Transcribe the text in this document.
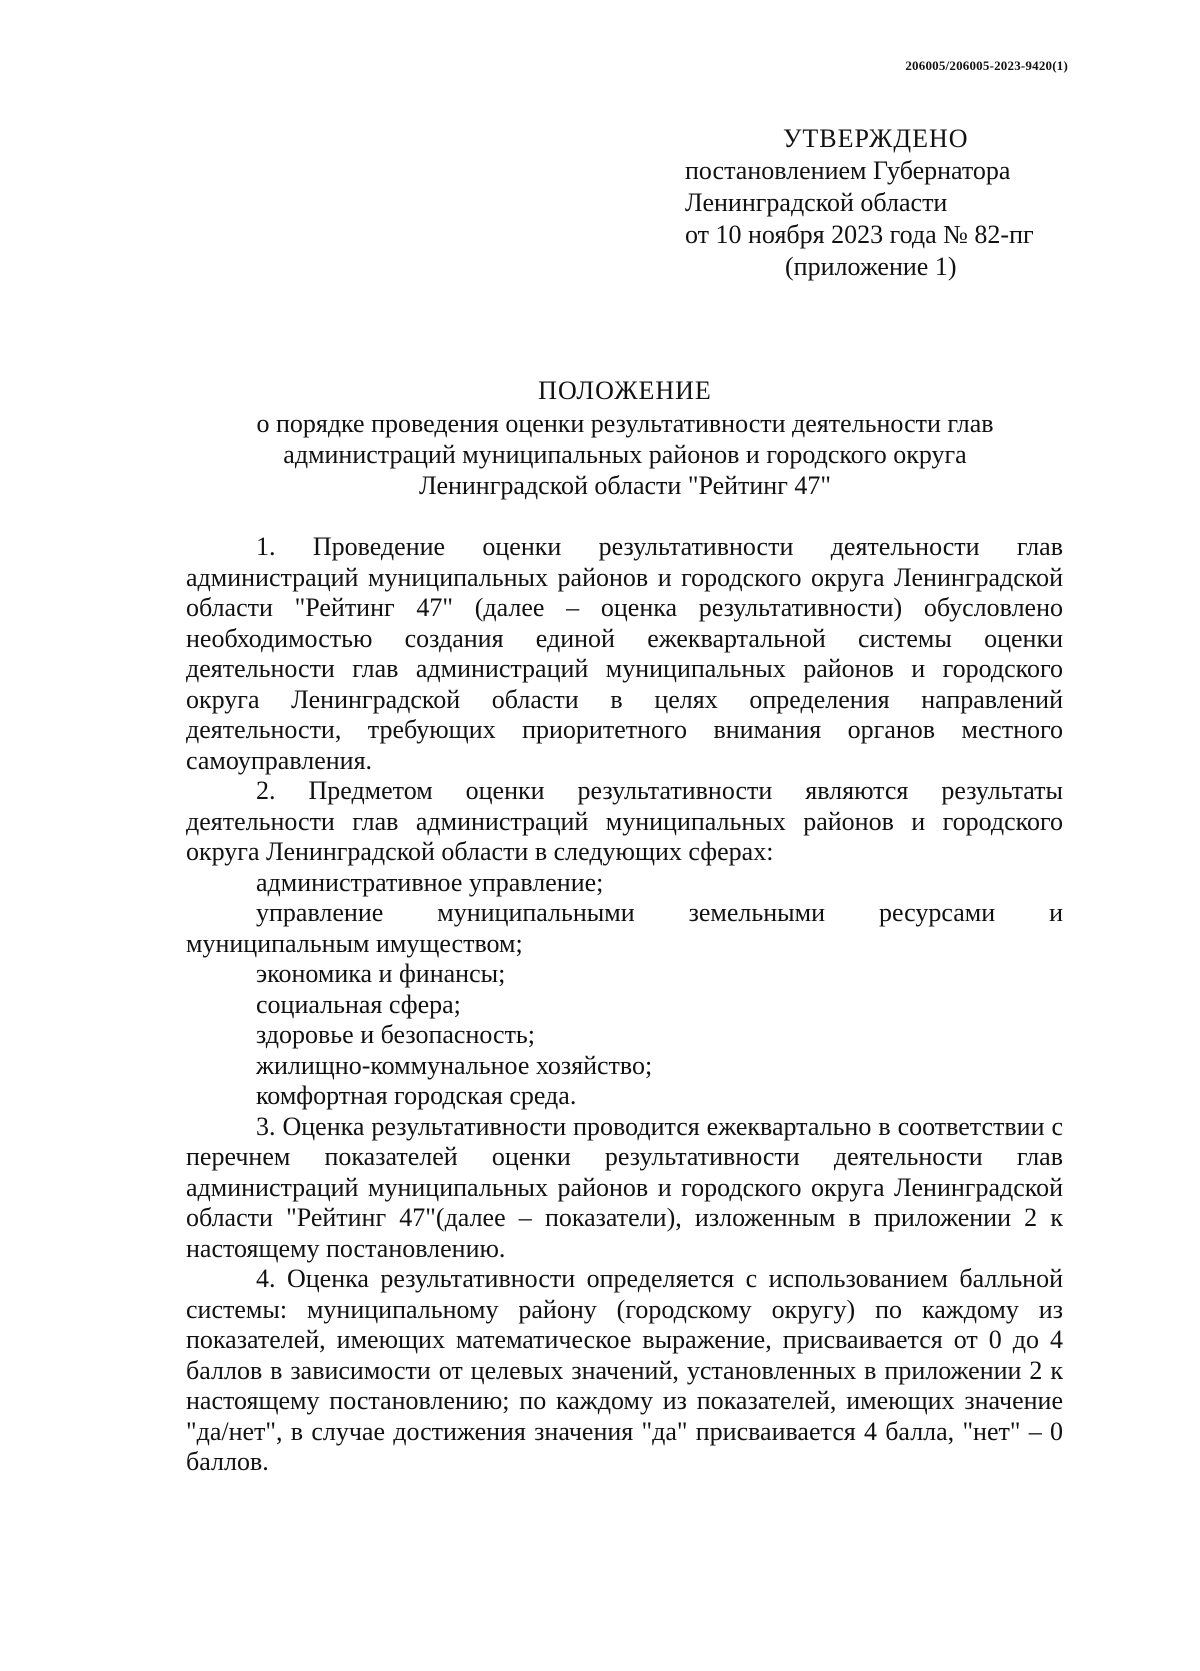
206005/206005-2023-9420(1)
УТВЕРЖДЕНО
постановлением Губернатора
Ленинградской области
от 10 ноября 2023 года № 82-пг
(приложение 1)
ПОЛОЖЕНИЕ
о порядке проведения оценки результативности деятельности глав
администраций муниципальных районов и городского округа
Ленинградской области "Рейтинг 47"

1. Проведение оценки результативности деятельности глав администраций муниципальных районов и городского округа Ленинградской области "Рейтинг 47" (далее – оценка результативности) обусловлено необходимостью создания единой ежеквартальной системы оценки деятельности глав администраций муниципальных районов и городского округа Ленинградской области в целях определения направлений деятельности, требующих приоритетного внимания органов местного самоуправления.

2. Предметом оценки результативности являются результаты деятельности глав администраций муниципальных районов и городского округа Ленинградской области в следующих сферах:

административное управление;

управление муниципальными земельными ресурсами и муниципальным имуществом;

экономика и финансы;

социальная сфера;

здоровье и безопасность;

жилищно-коммунальное хозяйство;

комфортная городская среда.

3. Оценка результативности проводится ежеквартально в соответствии с перечнем показателей оценки результативности деятельности глав администраций муниципальных районов и городского округа Ленинградской области "Рейтинг 47"(далее – показатели), изложенным в приложении 2 к настоящему постановлению.

4. Оценка результативности определяется с использованием балльной системы: муниципальному району (городскому округу) по каждому из показателей, имеющих математическое выражение, присваивается от 0 до 4 баллов в зависимости от целевых значений, установленных в приложении 2 к настоящему постановлению; по каждому из показателей, имеющих значение "да/нет", в случае достижения значения "да" присваивается 4 балла, "нет" – 0 баллов.
